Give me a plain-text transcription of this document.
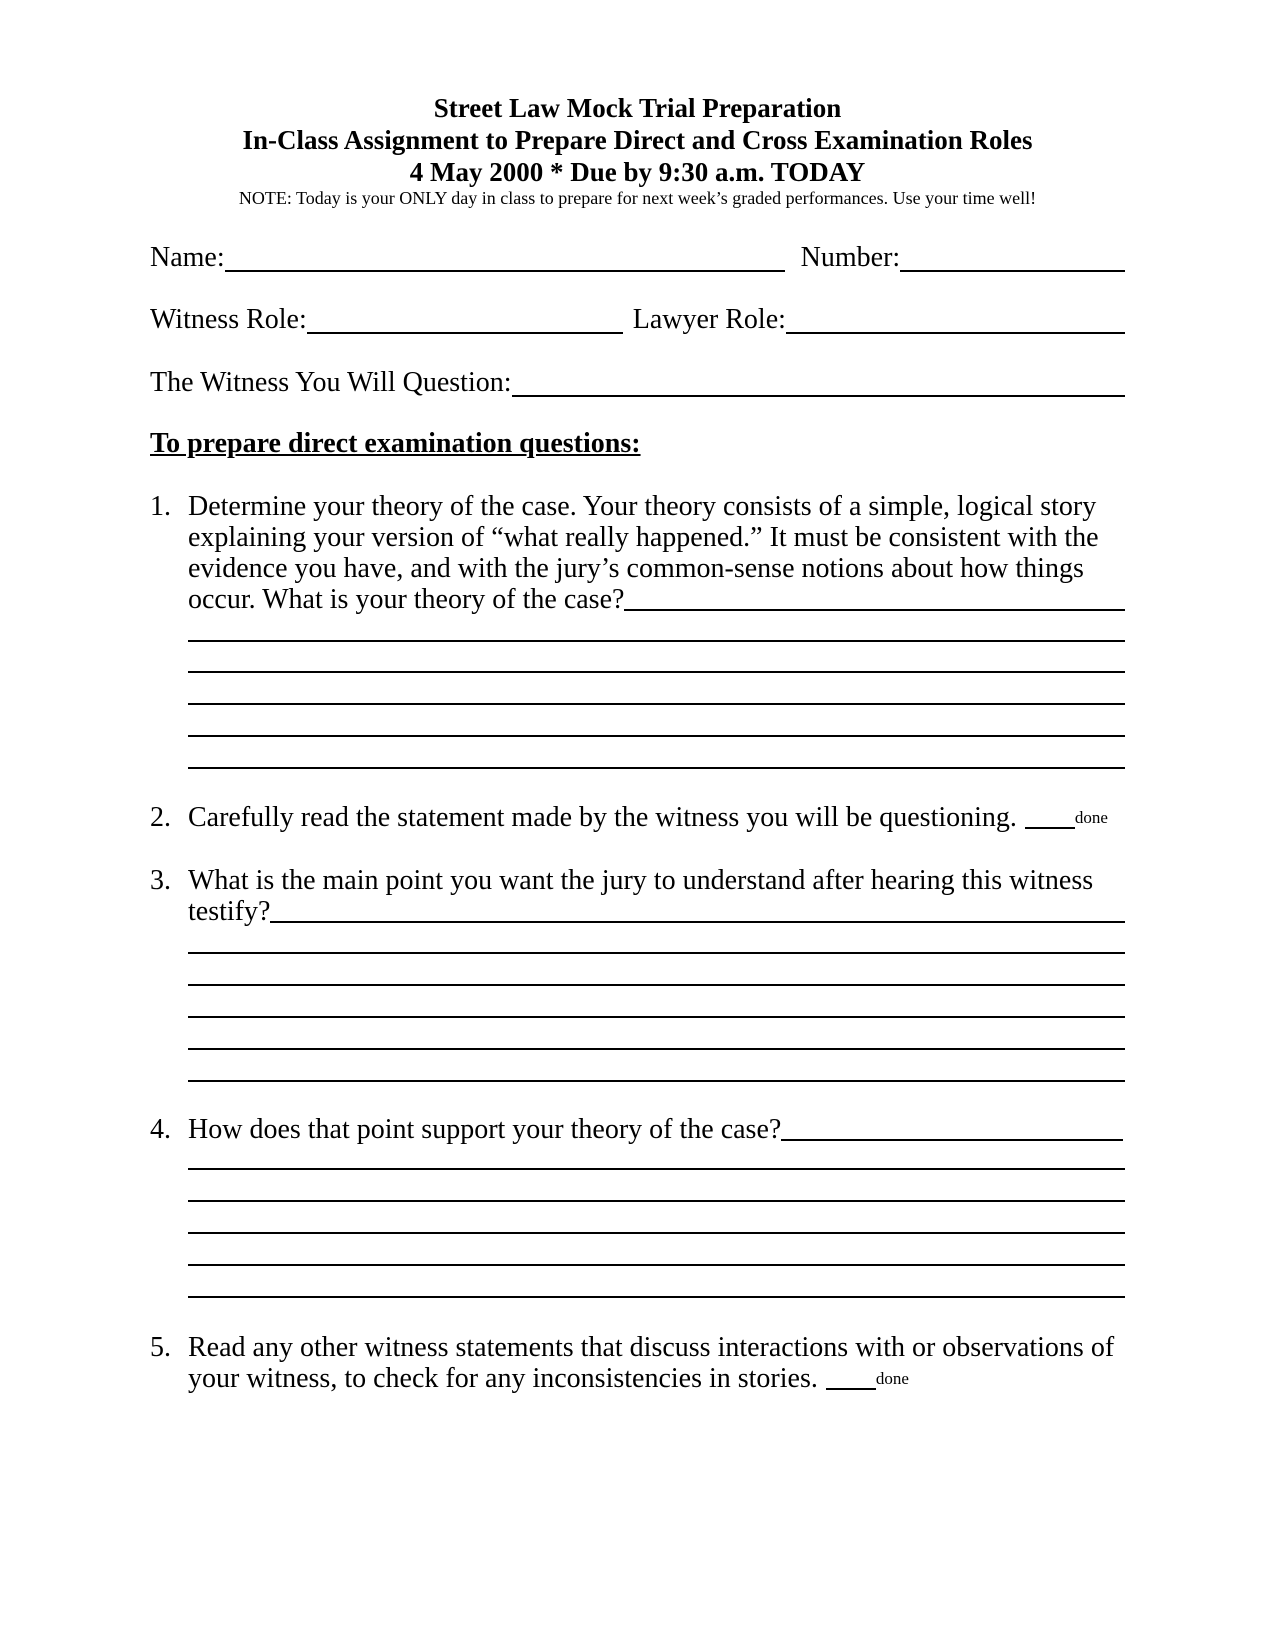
Street Law Mock Trial Preparation
In-Class Assignment to Prepare Direct and Cross Examination Roles
4 May 2000 * Due by 9:30 a.m. TODAY
NOTE: Today is your ONLY day in class to prepare for next week’s graded performances. Use your time well!
Name:	Number:
Witness Role:	Lawyer Role:
The Witness You Will Question:
To prepare direct examination questions:
1. Determine your theory of the case. Your theory consists of a simple, logical story
explaining your version of “what really happened.” It must be consistent with the
evidence you have, and with the jury’s common-sense notions about how things
occur. What is your theory of the case?
2. Carefully read the statement made by the witness you will be questioning.	done
3. What is the main point you want the jury to understand after hearing this witness
testify?
4. How does that point support your theory of the case?
5. Read any other witness statements that discuss interactions with or observations of
your witness, to check for any inconsistencies in stories.	done
